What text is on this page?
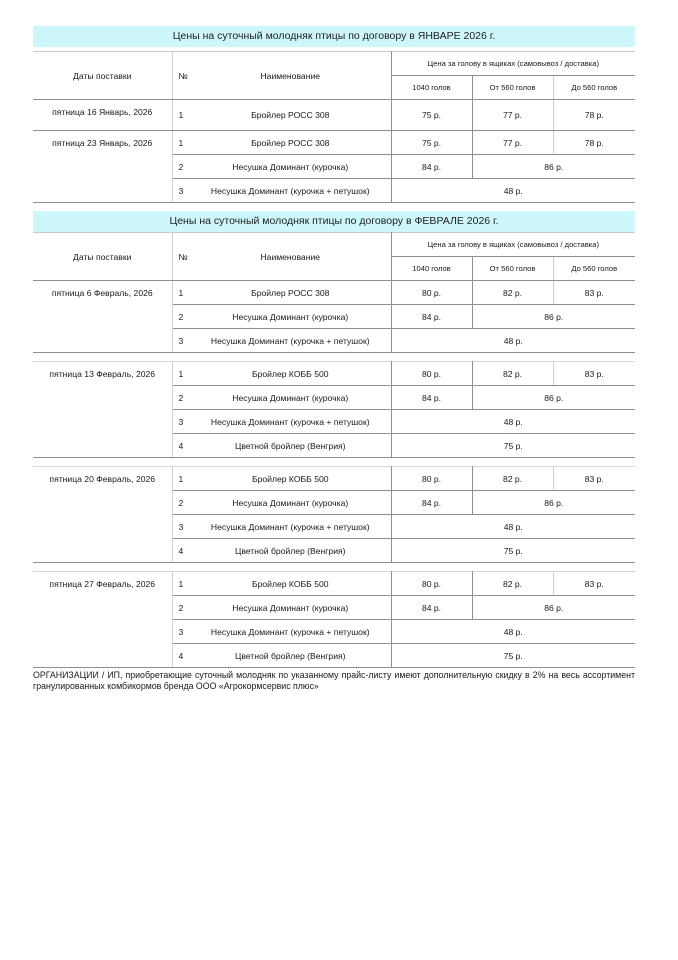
Цены на суточный молодняк птицы по договору в ЯНВАРЕ 2026 г.
Даты поставки	№	Наименование	Цена за голову в ящиках (самовывоз / доставка)		
			1040 голов	От 560 голов	До 560 голов
пятница 16 Январь, 2026	1	Бройлер РОСС 308	75 р.	77 р.	78 р.
пятница 23 Январь, 2026	1	Бройлер РОСС 308	75 р.	77 р.	78 р.
	2	Несушка Доминант (курочка)	84 р.	86 р.	
	3	Несушка Доминант (курочка + петушок)	48 р.		
Цены на суточный молодняк птицы по договору в ФЕВРАЛЕ 2026 г.
Даты поставки	№	Наименование	Цена за голову в ящиках (самовывоз / доставка)		
			1040 голов	От 560 голов	До 560 голов
пятница 6 Февраль, 2026	1	Бройлер РОСС 308	80 р.	82 р.	83 р.
	2	Несушка Доминант (курочка)	84 р.	86 р.	
	3	Несушка Доминант (курочка + петушок)	48 р.		
пятница 13 Февраль, 2026	1	Бройлер КОББ 500	80 р.	82 р.	83 р.
	2	Несушка Доминант (курочка)	84 р.	86 р.	
	3	Несушка Доминант (курочка + петушок)	48 р.		
	4	Цветной бройлер (Венгрия)	75 р.		
пятница 20 Февраль, 2026	1	Бройлер КОББ 500	80 р.	82 р.	83 р.
	2	Несушка Доминант (курочка)	84 р.	86 р.	
	3	Несушка Доминант (курочка + петушок)	48 р.		
	4	Цветной бройлер (Венгрия)	75 р.		
пятница 27 Февраль, 2026	1	Бройлер КОББ 500	80 р.	82 р.	83 р.
	2	Несушка Доминант (курочка)	84 р.	86 р.	
	3	Несушка Доминант (курочка + петушок)	48 р.		
	4	Цветной бройлер (Венгрия)	75 р.		

ОРГАНИЗАЦИИ / ИП, приобретающие суточный молодняк по указанному прайс-листу имеют дополнительную скидку в 2% на весь ассортимент гранулированных комбикормов бренда ООО «Агрокормсервис плюс»
